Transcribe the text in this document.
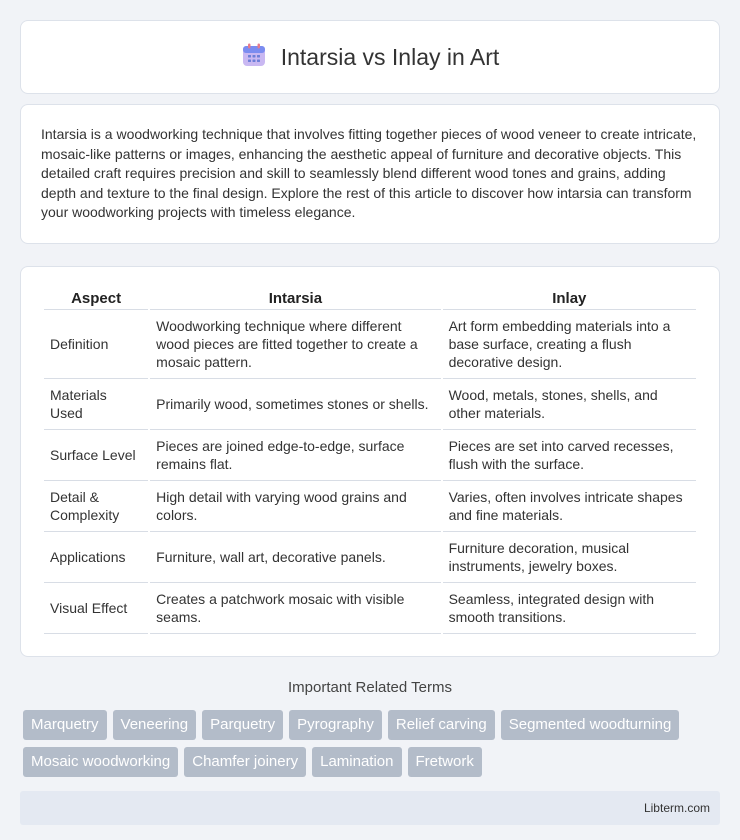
Intarsia vs Inlay in Art

Intarsia is a woodworking technique that involves fitting together pieces of wood veneer to create intricate, mosaic-like patterns or images, enhancing the aesthetic appeal of furniture and decorative objects. This detailed craft requires precision and skill to seamlessly blend different wood tones and grains, adding depth and texture to the final design. Explore the rest of this article to discover how intarsia can transform your woodworking projects with timeless elegance.

Aspect	Intarsia	Inlay
Definition	Woodworking technique where different wood pieces are fitted together to create a mosaic pattern.	Art form embedding materials into a base surface, creating a flush decorative design.
Materials Used	Primarily wood, sometimes stones or shells.	Wood, metals, stones, shells, and other materials.
Surface Level	Pieces are joined edge-to-edge, surface remains flat.	Pieces are set into carved recesses, flush with the surface.
Detail & Complexity	High detail with varying wood grains and colors.	Varies, often involves intricate shapes and fine materials.
Applications	Furniture, wall art, decorative panels.	Furniture decoration, musical instruments, jewelry boxes.
Visual Effect	Creates a patchwork mosaic with visible seams.	Seamless, integrated design with smooth transitions.
Important Related Terms
Marquetry	Veneering	Parquetry	Pyrography	Relief carving	Segmented woodturning
Mosaic woodworking	Chamfer joinery	Lamination	Fretwork
Libterm.com
